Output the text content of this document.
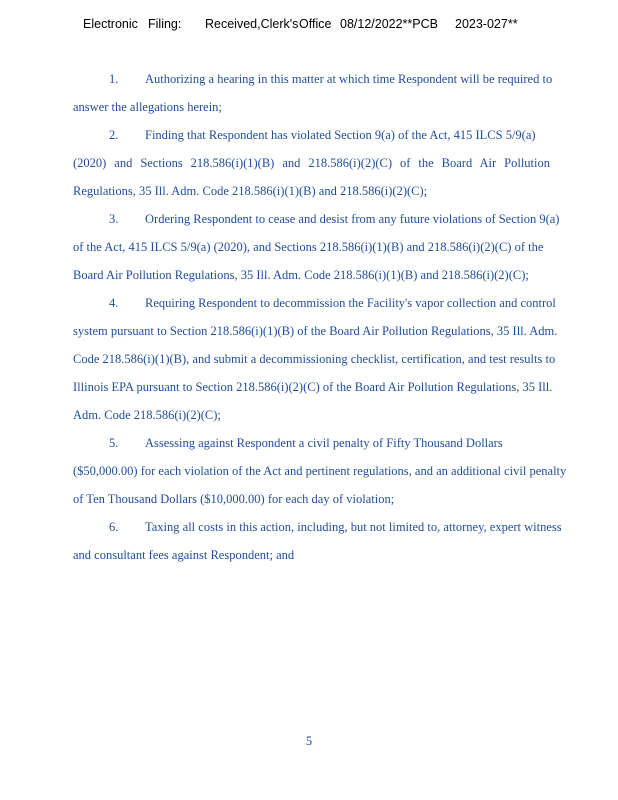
Electronic Filing: Received,Clerk's Office 08/12/2022**PCB 2023-027**
1. Authorizing a hearing in this matter at which time Respondent will be required to
answer the allegations herein;
2. Finding that Respondent has violated Section 9(a) of the Act, 415 ILCS 5/9(a)
(2020) and Sections 218.586(i)(1)(B) and 218.586(i)(2)(C) of the Board Air Pollution
Regulations, 35 Ill. Adm. Code 218.586(i)(1)(B) and 218.586(i)(2)(C);
3. Ordering Respondent to cease and desist from any future violations of Section 9(a)
of the Act, 415 ILCS 5/9(a) (2020), and Sections 218.586(i)(1)(B) and 218.586(i)(2)(C) of the
Board Air Pollution Regulations, 35 Ill. Adm. Code 218.586(i)(1)(B) and 218.586(i)(2)(C);
4. Requiring Respondent to decommission the Facility's vapor collection and control
system pursuant to Section 218.586(i)(1)(B) of the Board Air Pollution Regulations, 35 Ill. Adm.
Code 218.586(i)(1)(B), and submit a decommissioning checklist, certification, and test results to
Illinois EPA pursuant to Section 218.586(i)(2)(C) of the Board Air Pollution Regulations, 35 Ill.
Adm. Code 218.586(i)(2)(C);
5. Assessing against Respondent a civil penalty of Fifty Thousand Dollars
($50,000.00) for each violation of the Act and pertinent regulations, and an additional civil penalty
of Ten Thousand Dollars ($10,000.00) for each day of violation;
6. Taxing all costs in this action, including, but not limited to, attorney, expert witness
and consultant fees against Respondent; and
5
